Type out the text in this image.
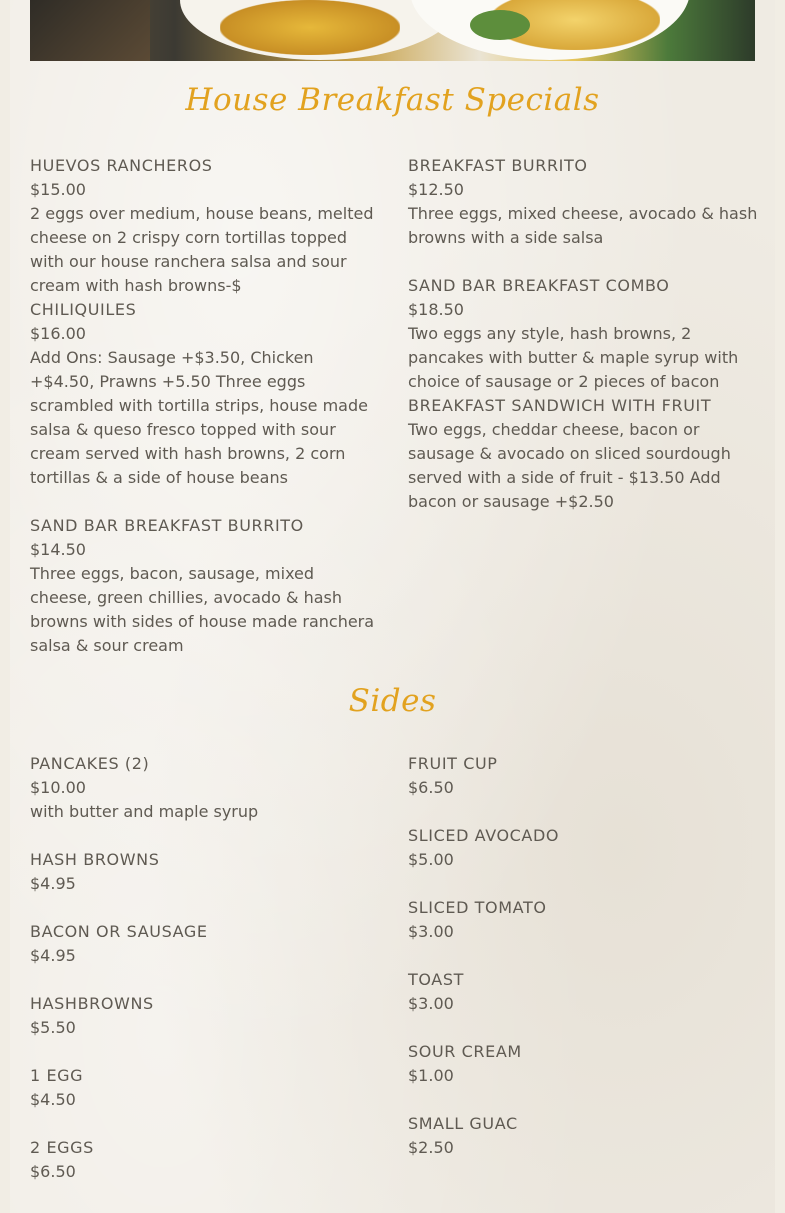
House Breakfast Specials
HUEVOS RANCHEROS
$15.00
2 eggs over medium, house beans, melted cheese on 2 crispy corn tortillas topped with our house ranchera salsa and sour cream with hash browns-$
CHILIQUILES
$16.00
Add Ons: Sausage +$3.50, Chicken +$4.50, Prawns +5.50 Three eggs scrambled with tortilla strips, house made salsa & queso fresco topped with sour cream served with hash browns, 2 corn tortillas & a side of house beans
SAND BAR BREAKFAST BURRITO
$14.50
Three eggs, bacon, sausage, mixed cheese, green chillies, avocado & hash browns with sides of house made ranchera salsa & sour cream
BREAKFAST BURRITO
$12.50
Three eggs, mixed cheese, avocado & hash browns with a side salsa
SAND BAR BREAKFAST COMBO
$18.50
Two eggs any style, hash browns, 2 pancakes with butter & maple syrup with choice of sausage or 2 pieces of bacon
BREAKFAST SANDWICH WITH FRUIT
Two eggs, cheddar cheese, bacon or sausage & avocado on sliced sourdough served with a side of fruit - $13.50 Add bacon or sausage +$2.50
Sides
PANCAKES (2)
$10.00
with butter and maple syrup
HASH BROWNS
$4.95
BACON OR SAUSAGE
$4.95
HASHBROWNS
$5.50
1 EGG
$4.50
2 EGGS
$6.50
FRUIT CUP
$6.50
SLICED AVOCADO
$5.00
SLICED TOMATO
$3.00
TOAST
$3.00
SOUR CREAM
$1.00
SMALL GUAC
$2.50
